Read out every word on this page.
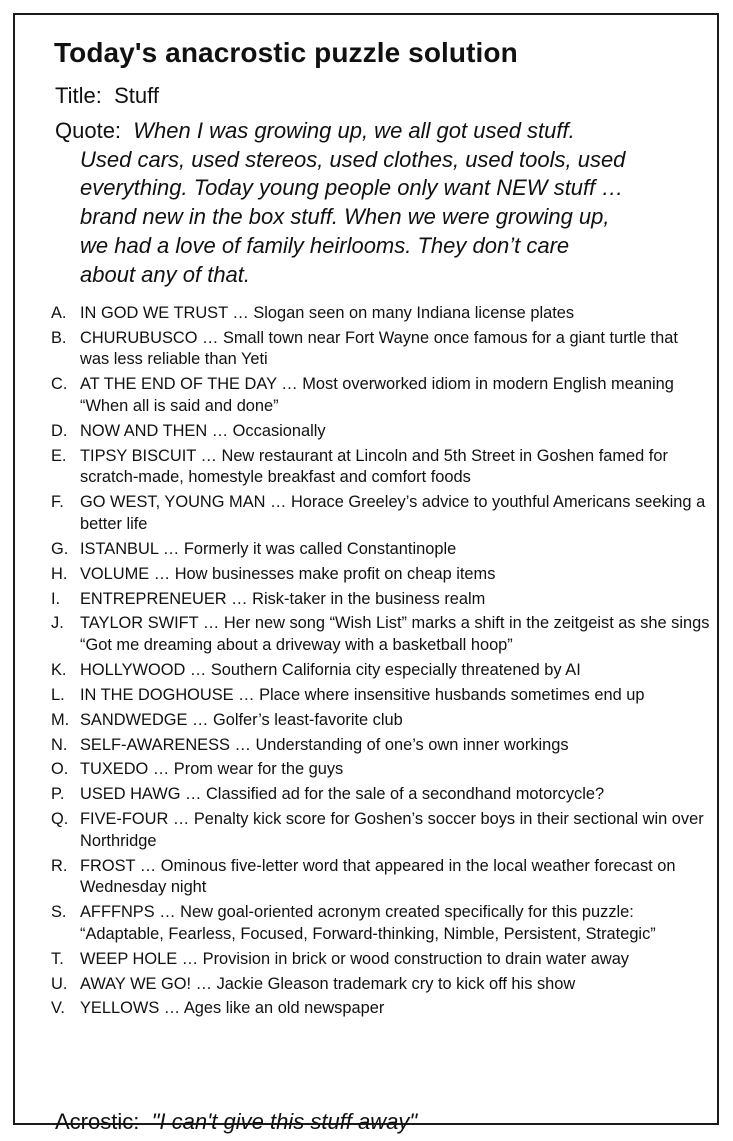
Today's anacrostic puzzle solution
Title: Stuff
Quote: When I was growing up, we all got used stuff.
Used cars, used stereos, used clothes, used tools, used
everything. Today young people only want NEW stuff …
brand new in the box stuff. When we were growing up,
we had a love of family heirlooms. They don’t care
about any of that.
A. IN GOD WE TRUST … Slogan seen on many Indiana license plates
B. CHURUBUSCO … Small town near Fort Wayne once famous for a giant turtle that was less reliable than Yeti
C. AT THE END OF THE DAY … Most overworked idiom in modern English meaning “When all is said and done”
D. NOW AND THEN … Occasionally
E. TIPSY BISCUIT … New restaurant at Lincoln and 5th Street in Goshen famed for scratch-made, homestyle breakfast and comfort foods
F. GO WEST, YOUNG MAN … Horace Greeley’s advice to youthful Americans seeking a better life
G. ISTANBUL … Formerly it was called Constantinople
H. VOLUME … How businesses make profit on cheap items
I. ENTREPRENEUER … Risk-taker in the business realm
J. TAYLOR SWIFT … Her new song “Wish List” marks a shift in the zeitgeist as she sings “Got me dreaming about a driveway with a basketball hoop”
K. HOLLYWOOD … Southern California city especially threatened by AI
L. IN THE DOGHOUSE … Place where insensitive husbands sometimes end up
M. SANDWEDGE … Golfer’s least-favorite club
N. SELF-AWARENESS … Understanding of one’s own inner workings
O. TUXEDO … Prom wear for the guys
P. USED HAWG … Classified ad for the sale of a secondhand motorcycle?
Q. FIVE-FOUR … Penalty kick score for Goshen’s soccer boys in their sectional win over Northridge
R. FROST … Ominous five-letter word that appeared in the local weather forecast on Wednesday night
S. AFFFNPS … New goal-oriented acronym created specifically for this puzzle: “Adaptable, Fearless, Focused, Forward-thinking, Nimble, Persistent, Strategic”
T. WEEP HOLE … Provision in brick or wood construction to drain water away
U. AWAY WE GO! … Jackie Gleason trademark cry to kick off his show
V. YELLOWS … Ages like an old newspaper
Acrostic: "I can't give this stuff away"
